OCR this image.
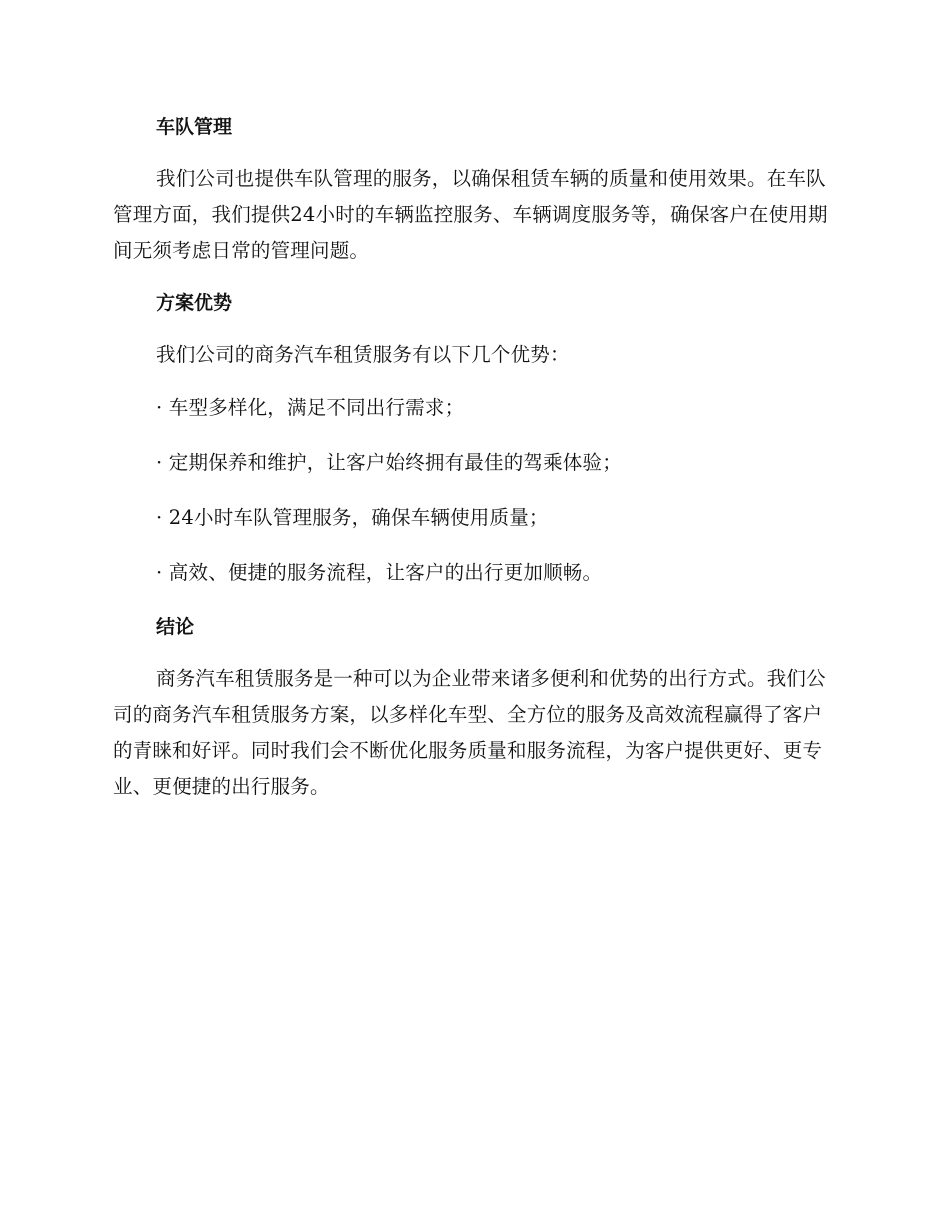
车队管理

我们公司也提供车队管理的服务，以确保租赁车辆的质量和使用效果。在车队管理方面，我们提供24小时的车辆监控服务、车辆调度服务等，确保客户在使用期间无须考虑日常的管理问题。

方案优势

我们公司的商务汽车租赁服务有以下几个优势：

· 车型多样化，满足不同出行需求；

· 定期保养和维护，让客户始终拥有最佳的驾乘体验；

· 24小时车队管理服务，确保车辆使用质量；

· 高效、便捷的服务流程，让客户的出行更加顺畅。

结论

商务汽车租赁服务是一种可以为企业带来诸多便利和优势的出行方式。我们公司的商务汽车租赁服务方案，以多样化车型、全方位的服务及高效流程赢得了客户的青睐和好评。同时我们会不断优化服务质量和服务流程，为客户提供更好、更专业、更便捷的出行服务。
